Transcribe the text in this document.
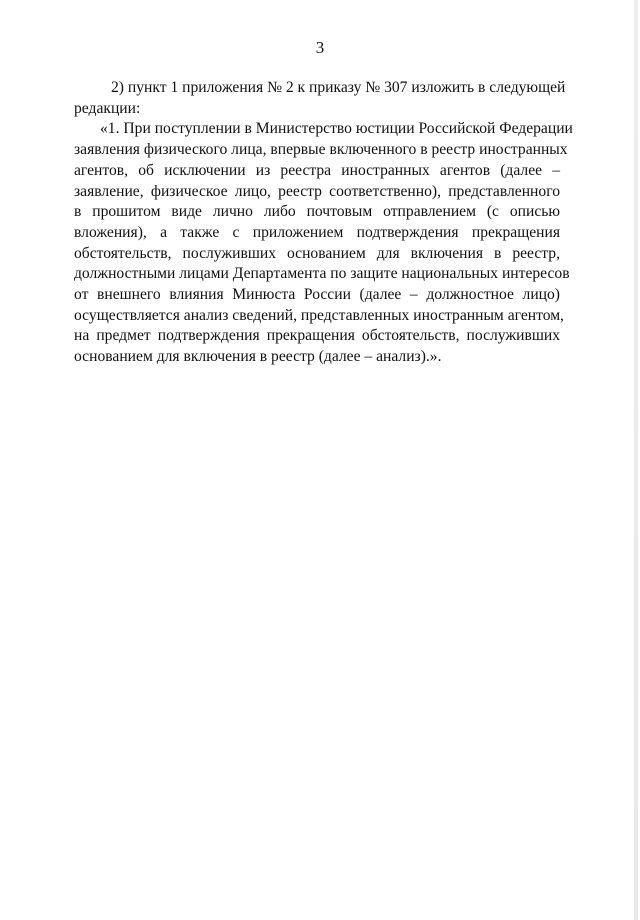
3
2) пункт 1 приложения № 2 к приказу № 307 изложить в следующей
редакции:
«1. При поступлении в Министерство юстиции Российской Федерации
заявления физического лица, впервые включенного в реестр иностранных
агентов, об исключении из реестра иностранных агентов (далее –
заявление, физическое лицо, реестр соответственно), представленного
в прошитом виде лично либо почтовым отправлением (с описью
вложения), а также с приложением подтверждения прекращения
обстоятельств, послуживших основанием для включения в реестр,
должностными лицами Департамента по защите национальных интересов
от внешнего влияния Минюста России (далее – должностное лицо)
осуществляется анализ сведений, представленных иностранным агентом,
на предмет подтверждения прекращения обстоятельств, послуживших
основанием для включения в реестр (далее – анализ).».
